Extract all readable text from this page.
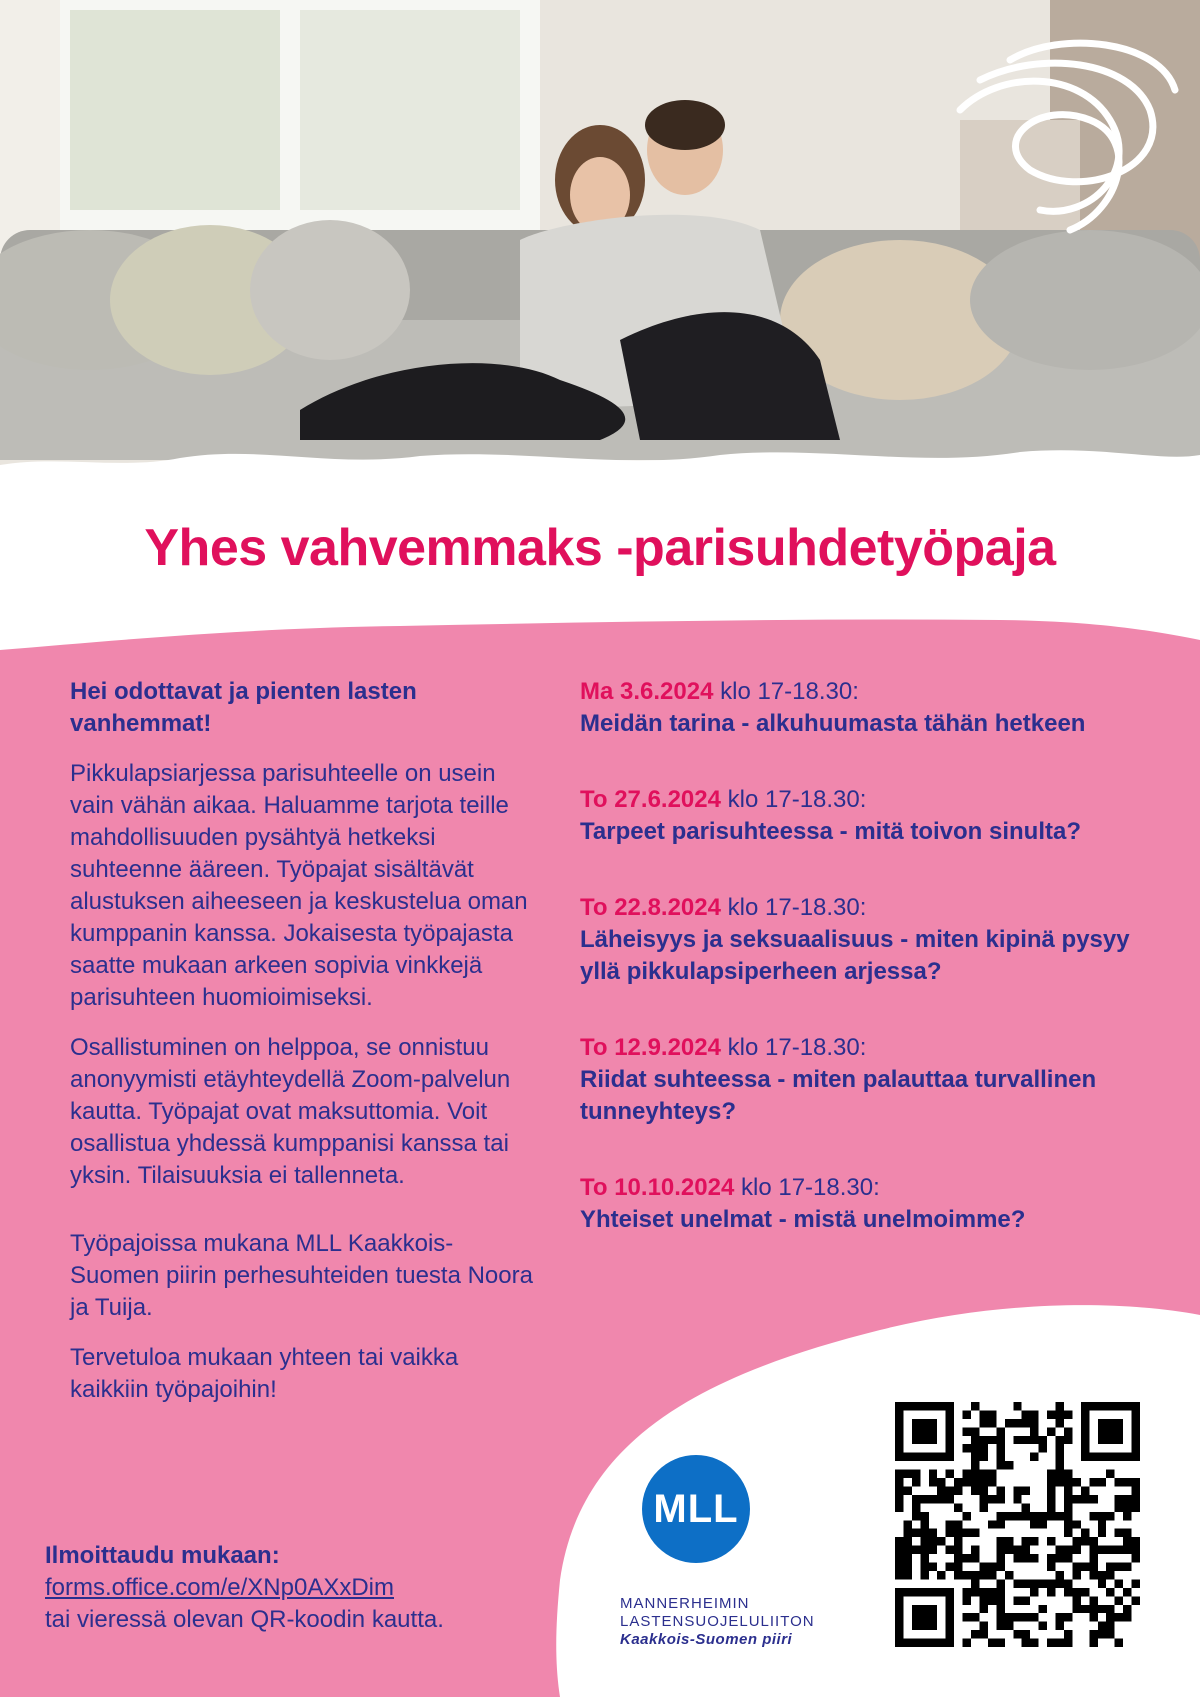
Yhes vahvemmaks -parisuhdetyöpaja

Hei odottavat ja pienten lasten vanhemmat!

Pikkulapsiarjessa parisuhteelle on usein vain vähän aikaa. Haluamme tarjota teille mahdollisuuden pysähtyä hetkeksi suhteenne ääreen. Työpajat sisältävät alustuksen aiheeseen ja keskustelua oman kumppanin kanssa. Jokaisesta työpajasta saatte mukaan arkeen sopivia vinkkejä parisuhteen huomioimiseksi.

Osallistuminen on helppoa, se onnistuu anonyymisti etäyhteydellä Zoom-palvelun kautta. Työpajat ovat maksuttomia. Voit osallistua yhdessä kumppanisi kanssa tai yksin. Tilaisuuksia ei tallenneta.

Työpajoissa mukana MLL Kaakkois-Suomen piirin perhesuhteiden tuesta Noora ja Tuija.

Tervetuloa mukaan yhteen tai vaikka kaikkiin työpajoihin!

Ilmoittaudu mukaan:
forms.office.com/e/XNp0AXxDim
tai vieressä olevan QR-koodin kautta.
Ma 3.6.2024 klo 17-18.30:
Meidän tarina - alkuhuumasta tähän hetkeen
To 27.6.2024 klo 17-18.30:
Tarpeet parisuhteessa - mitä toivon sinulta?
To 22.8.2024 klo 17-18.30:
Läheisyys ja seksuaalisuus - miten kipinä pysyy yllä pikkulapsiperheen arjessa?
To 12.9.2024 klo 17-18.30:
Riidat suhteessa - miten palauttaa turvallinen tunneyhteys?
To 10.10.2024 klo 17-18.30:
Yhteiset unelmat - mistä unelmoimme?
MLL
MANNERHEIMIN
LASTENSUOJELULIITON
Kaakkois-Suomen piiri
